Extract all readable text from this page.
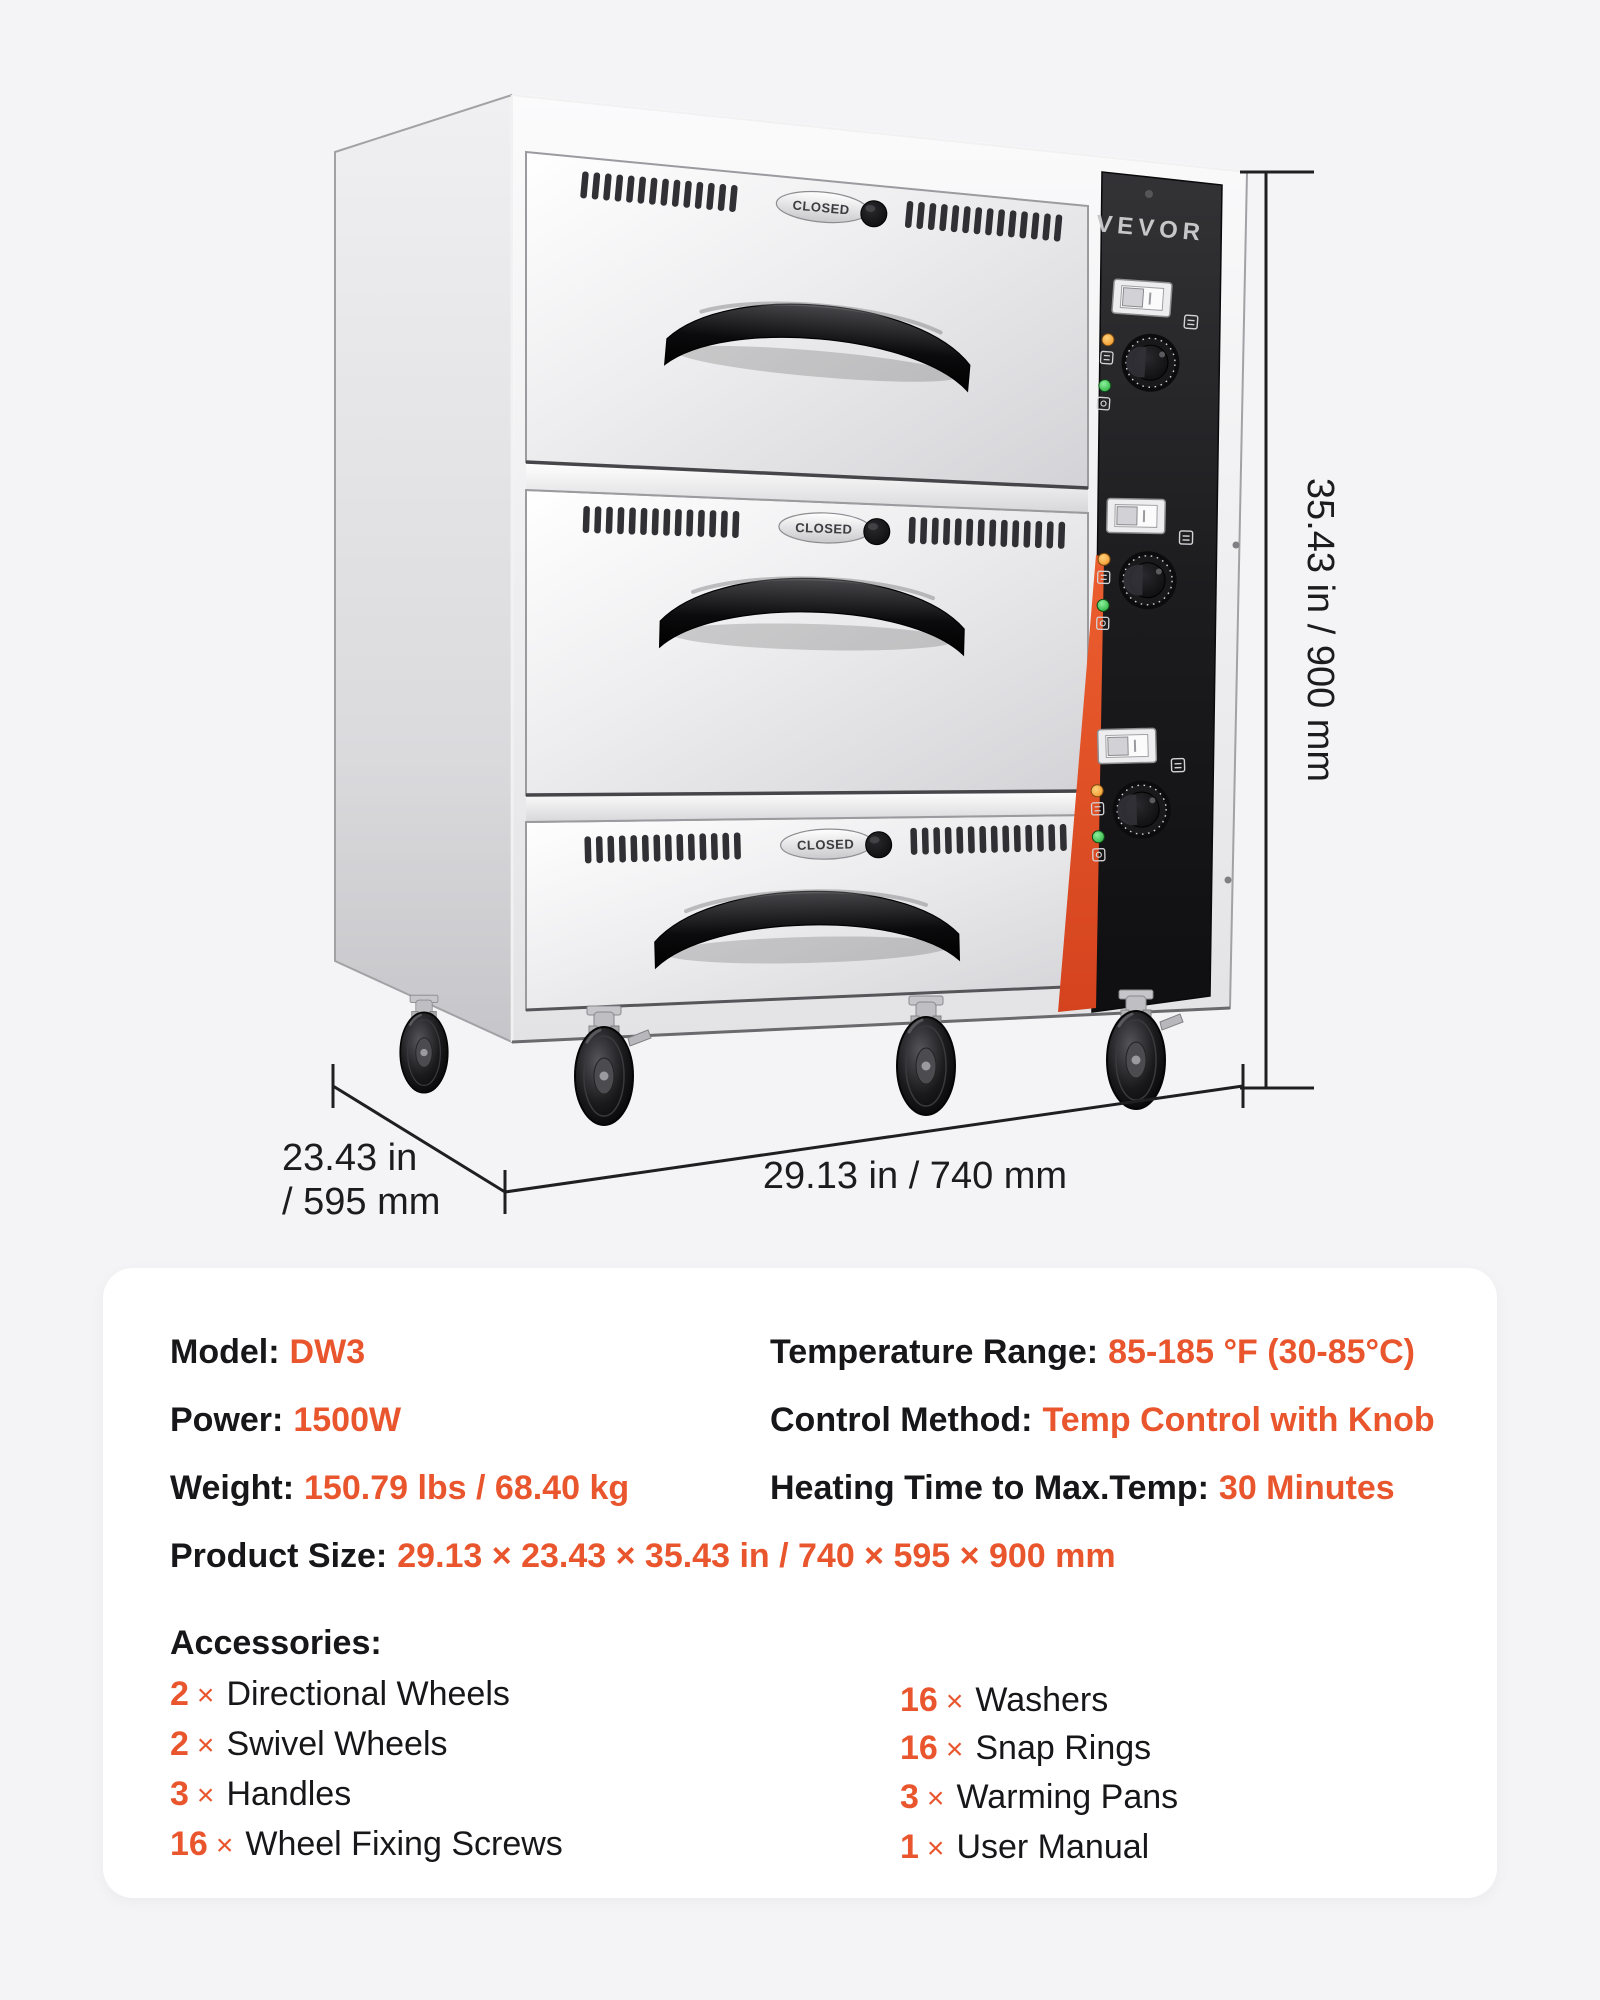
CLOSED
VEVOR
35.43 in / 900 mm
23.43 in
/ 595 mm
29.13 in / 740 mm
Model: DW3
Power: 1500W
Weight: 150.79 lbs / 68.40 kg
Temperature Range: 85-185 °F (30-85°C)
Control Method: Temp Control with Knob
Heating Time to Max.Temp: 30 Minutes
Product Size: 29.13 × 23.43 × 35.43 in / 740 × 595 × 900 mm
Accessories:
2 × Directional Wheels
2 × Swivel Wheels
3 × Handles
16 × Wheel Fixing Screws
16 × Washers
16 × Snap Rings
3 × Warming Pans
1 × User Manual
